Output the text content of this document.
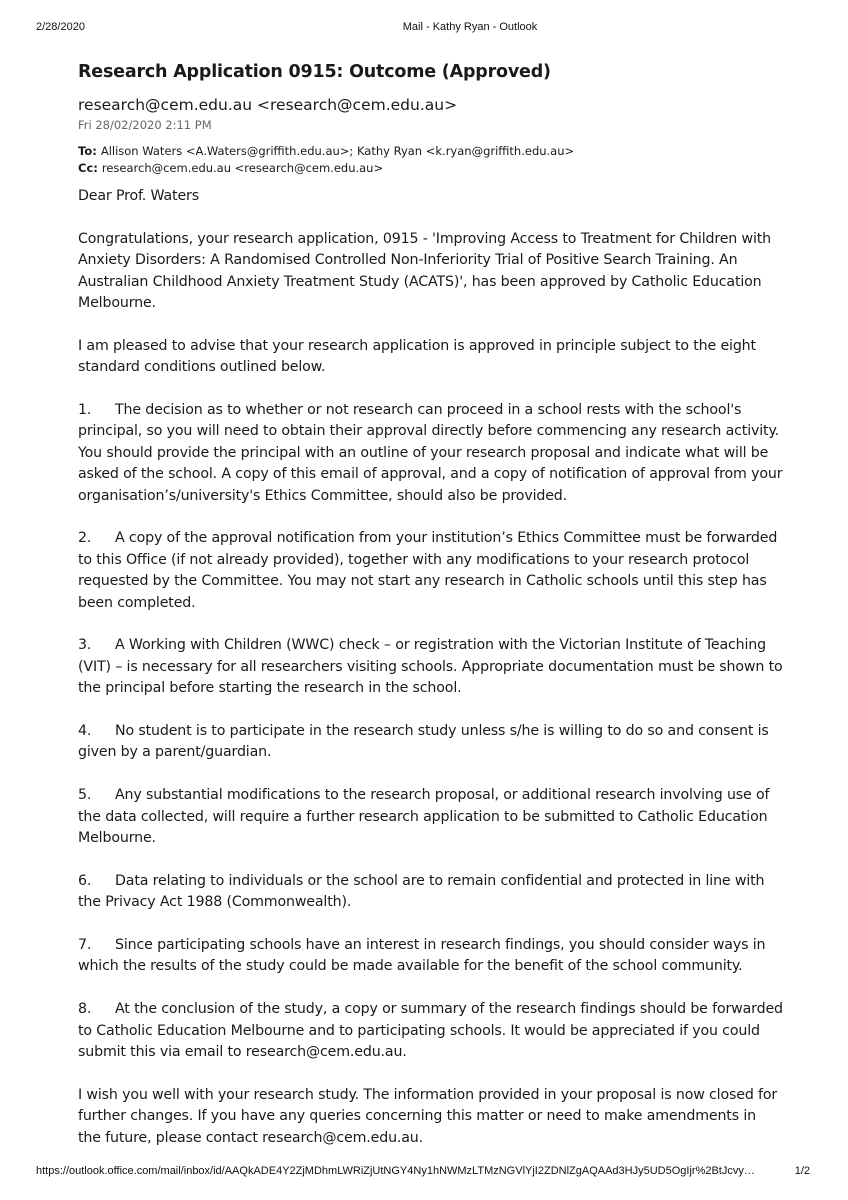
2/28/2020	Mail - Kathy Ryan - Outlook
Research Application 0915: Outcome (Approved)
research@cem.edu.au <research@cem.edu.au>
Fri 28/02/2020 2:11 PM
To: Allison Waters <A.Waters@griffith.edu.au>; Kathy Ryan <k.ryan@griffith.edu.au>
Cc: research@cem.edu.au <research@cem.edu.au>

Dear Prof. Waters

Congratulations, your research application, 0915 - 'Improving Access to Treatment for Children with Anxiety Disorders: A Randomised Controlled Non-Inferiority Trial of Positive Search Training. An Australian Childhood Anxiety Treatment Study (ACATS)', has been approved by Catholic Education Melbourne.

I am pleased to advise that your research application is approved in principle subject to the eight standard conditions outlined below.

1. The decision as to whether or not research can proceed in a school rests with the school's principal, so you will need to obtain their approval directly before commencing any research activity. You should provide the principal with an outline of your research proposal and indicate what will be asked of the school. A copy of this email of approval, and a copy of notification of approval from your organisation’s/university's Ethics Committee, should also be provided.

2. A copy of the approval notification from your institution’s Ethics Committee must be forwarded to this Office (if not already provided), together with any modifications to your research protocol requested by the Committee. You may not start any research in Catholic schools until this step has been completed.

3. A Working with Children (WWC) check – or registration with the Victorian Institute of Teaching (VIT) – is necessary for all researchers visiting schools. Appropriate documentation must be shown to the principal before starting the research in the school.

4. No student is to participate in the research study unless s/he is willing to do so and consent is given by a parent/guardian.

5. Any substantial modifications to the research proposal, or additional research involving use of the data collected, will require a further research application to be submitted to Catholic Education Melbourne.

6. Data relating to individuals or the school are to remain confidential and protected in line with the Privacy Act 1988 (Commonwealth).

7. Since participating schools have an interest in research findings, you should consider ways in which the results of the study could be made available for the benefit of the school community.

8. At the conclusion of the study, a copy or summary of the research findings should be forwarded to Catholic Education Melbourne and to participating schools. It would be appreciated if you could submit this via email to research@cem.edu.au.

I wish you well with your research study. The information provided in your proposal is now closed for further changes. If you have any queries concerning this matter or need to make amendments in the future, please contact research@cem.edu.au.

https://outlook.office.com/mail/inbox/id/AAQkADE4Y2ZjMDhmLWRiZjUtNGY4Ny1hNWMzLTMzNGVlYjI2ZDNlZgAQAAd3HJy5UD5OgIjr%2BtJcvy…	1/2
